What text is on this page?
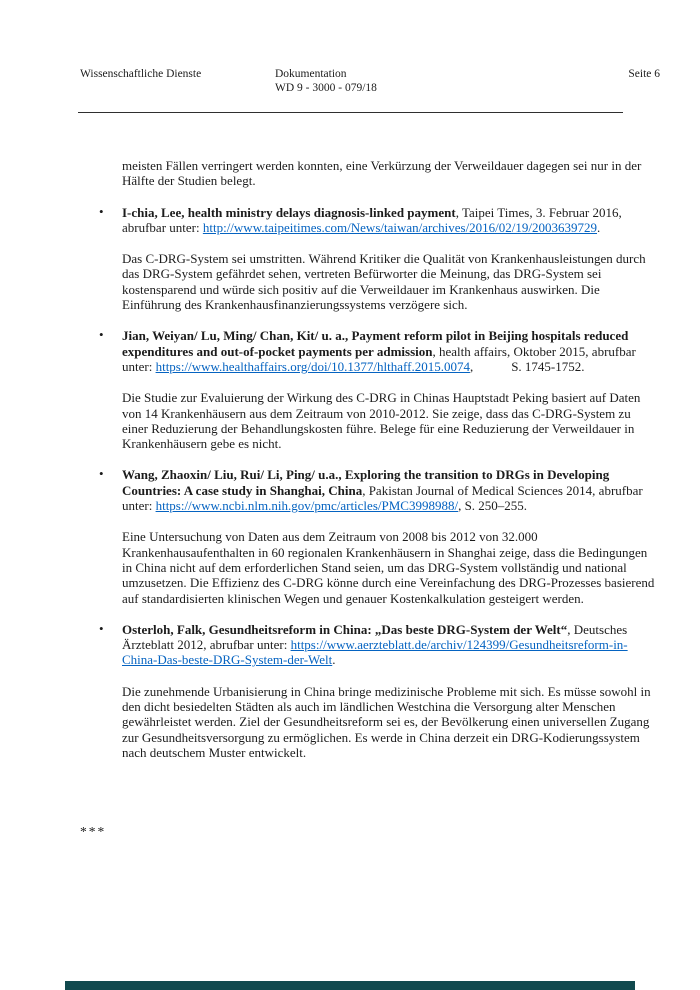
Wissenschaftliche Dienste	Dokumentation
WD 9 - 3000 - 079/18
Seite 6

meisten Fällen verringert werden konnten, eine Verkürzung der Verweildauer dagegen sei nur in der Hälfte der Studien belegt.

• I-chia, Lee, health ministry delays diagnosis-linked payment, Taipei Times, 3. Februar 2016, abrufbar unter: http://www.taipeitimes.com/News/taiwan/archives/2016/02/19/2003639729.

Das C-DRG-System sei umstritten. Während Kritiker die Qualität von Krankenhausleistungen durch das DRG-System gefährdet sehen, vertreten Befürworter die Meinung, das DRG-System sei kostensparend und würde sich positiv auf die Verweildauer im Krankenhaus auswirken. Die Einführung des Krankenhausfinanzierungssystems verzögere sich.

• Jian, Weiyan/ Lu, Ming/ Chan, Kit/ u. a., Payment reform pilot in Beijing hospitals reduced expenditures and out-of-pocket payments per admission, health affairs, Oktober 2015, abrufbar unter: https://www.healthaffairs.org/doi/10.1377/hlthaff.2015.0074,	S. 1745-1752.

Die Studie zur Evaluierung der Wirkung des C-DRG in Chinas Hauptstadt Peking basiert auf Daten von 14 Krankenhäusern aus dem Zeitraum von 2010-2012. Sie zeige, dass das C-DRG-System zu einer Reduzierung der Behandlungskosten führe. Belege für eine Reduzierung der Verweildauer in Krankenhäusern gebe es nicht.

• Wang, Zhaoxin/ Liu, Rui/ Li, Ping/ u.a., Exploring the transition to DRGs in Developing Countries: A case study in Shanghai, China, Pakistan Journal of Medical Sciences 2014, abrufbar unter: https://www.ncbi.nlm.nih.gov/pmc/articles/PMC3998988/, S. 250–255.

Eine Untersuchung von Daten aus dem Zeitraum von 2008 bis 2012 von 32.000 Krankenhausaufenthalten in 60 regionalen Krankenhäusern in Shanghai zeige, dass die Bedingungen in China nicht auf dem erforderlichen Stand seien, um das DRG-System vollständig und national umzusetzen. Die Effizienz des C-DRG könne durch eine Vereinfachung des DRG-Prozesses basierend auf standardisierten klinischen Wegen und genauer Kostenkalkulation gesteigert werden.

• Osterloh, Falk, Gesundheitsreform in China: „Das beste DRG-System der Welt“, Deutsches Ärzteblatt 2012, abrufbar unter: https://www.aerzteblatt.de/archiv/124399/Gesundheitsreform-in-China-Das-beste-DRG-System-der-Welt.

Die zunehmende Urbanisierung in China bringe medizinische Probleme mit sich. Es müsse sowohl in den dicht besiedelten Städten als auch im ländlichen Westchina die Versorgung alter Menschen gewährleistet werden. Ziel der Gesundheitsreform sei es, der Bevölkerung einen universellen Zugang zur Gesundheitsversorgung zu ermöglichen. Es werde in China derzeit ein DRG-Kodierungssystem nach deutschem Muster entwickelt.

***
